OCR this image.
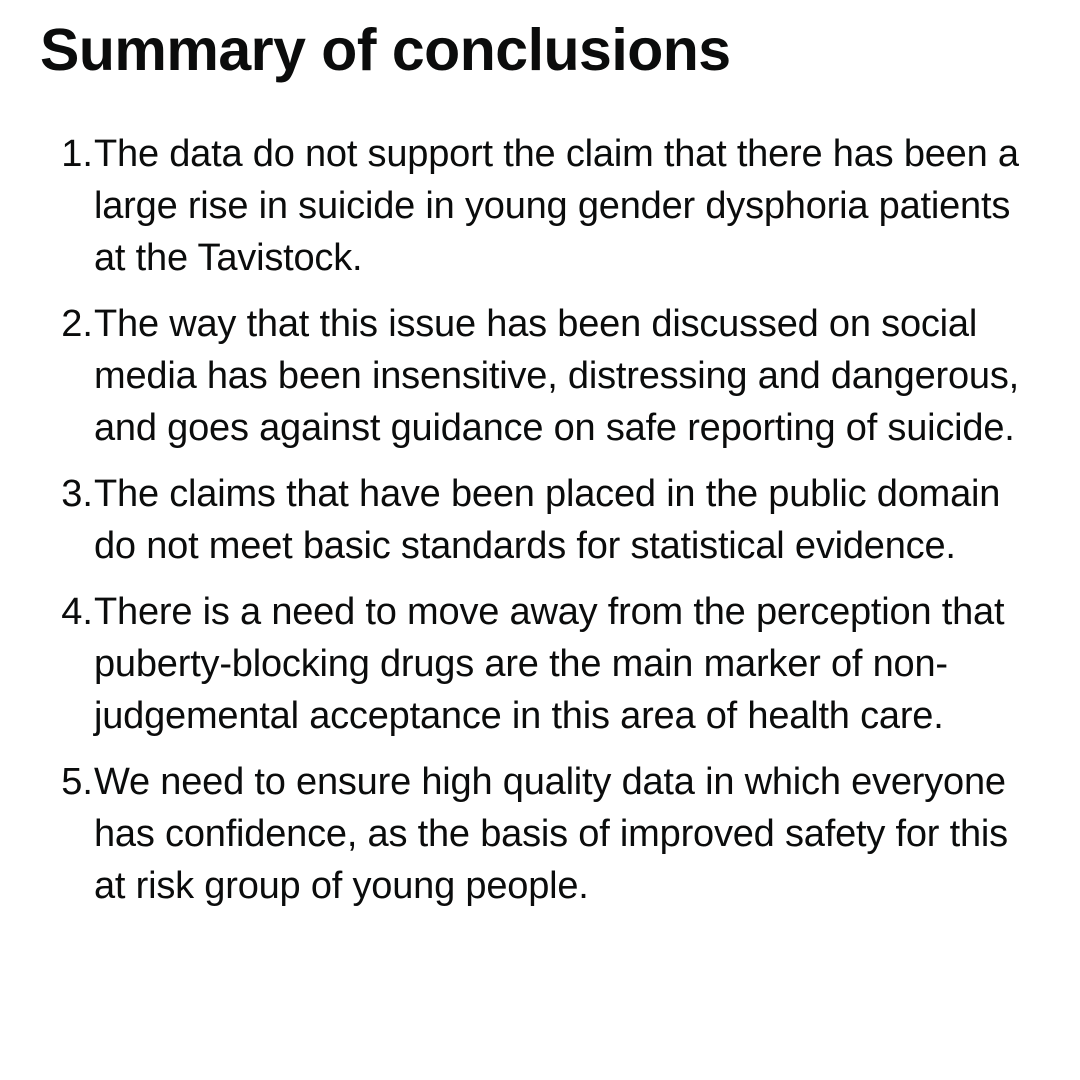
Summary of conclusions
1. The data do not support the claim that there has been a large rise in suicide in young gender dysphoria patients at the Tavistock.
2. The way that this issue has been discussed on social media has been insensitive, distressing and dangerous, and goes against guidance on safe reporting of suicide.
3. The claims that have been placed in the public domain do not meet basic standards for statistical evidence.
4. There is a need to move away from the perception that puberty-blocking drugs are the main marker of non-judgemental acceptance in this area of health care.
5. We need to ensure high quality data in which everyone has confidence, as the basis of improved safety for this at risk group of young people.
